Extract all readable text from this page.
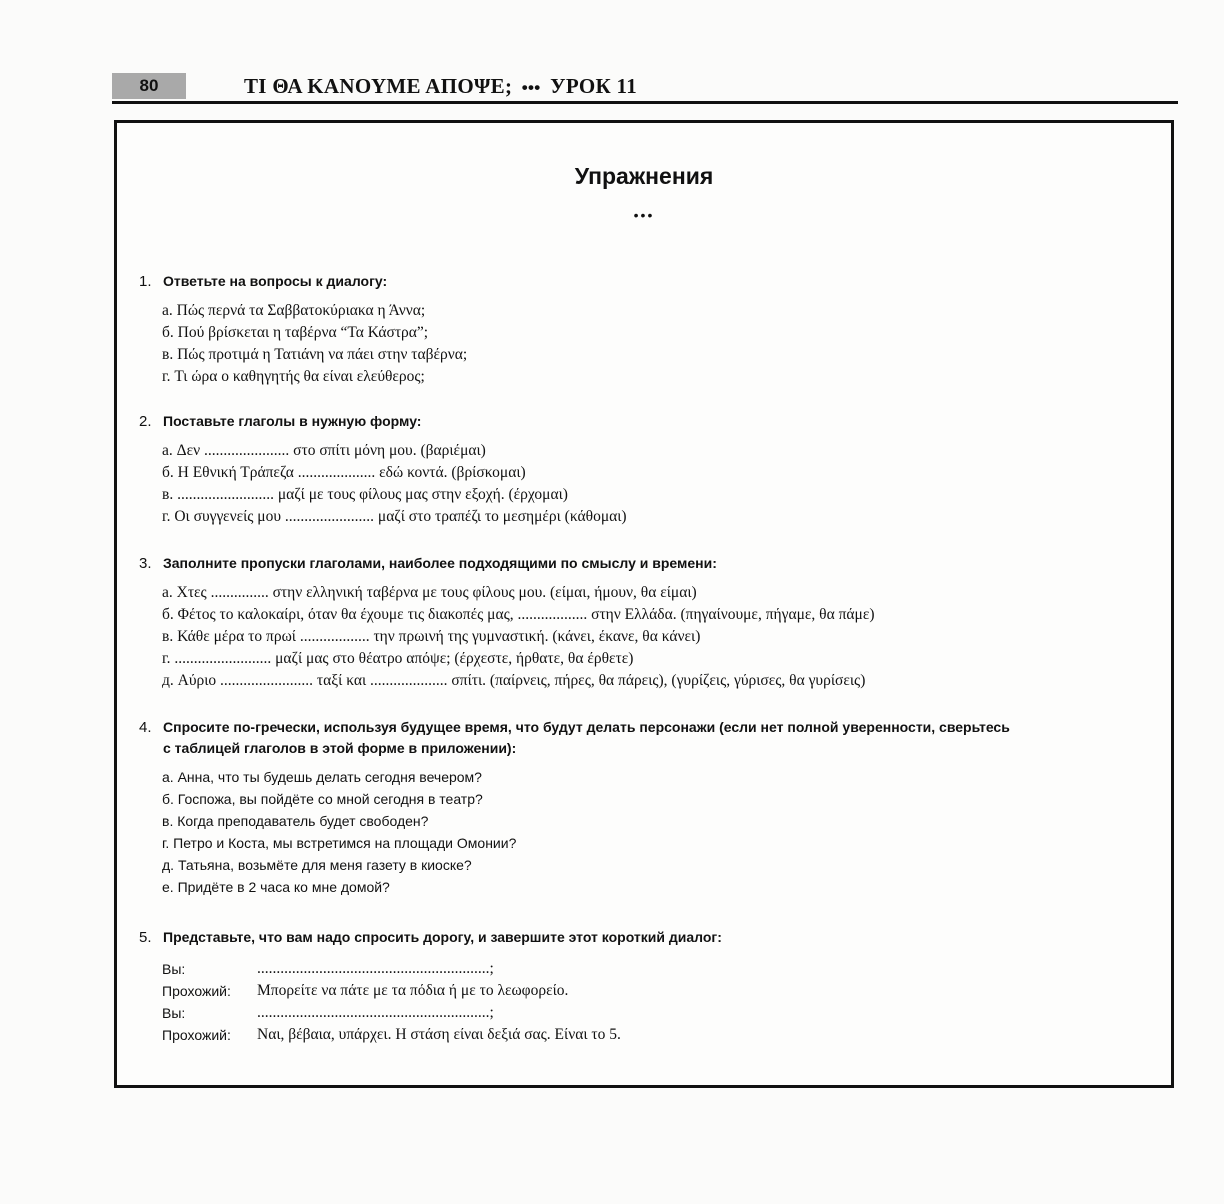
80	ΤΙ ΘΑ ΚΑΝΟΥΜΕ ΑΠΟΨΕ; ••• УРОК 11
Упражнения
•••
1. Ответьте на вопросы к диалогу:
а. Πώς περνά τα Σαββατοκύριακα η Άννα;
б. Πού βρίσκεται η ταβέρνα “Τα Κάστρα”;
в. Πώς προτιμά η Τατιάνη να πάει στην ταβέρνα;
г. Τι ώρα ο καθηγητής θα είναι ελεύθερος;
2. Поставьте глаголы в нужную форму:
а. Δεν ...................... στο σπίτι μόνη μου. (βαριέμαι)
б. Η Εθνική Τράπεζα .................... εδώ κοντά. (βρίσκομαι)
в. ......................... μαζί με τους φίλους μας στην εξοχή. (έρχομαι)
г. Οι συγγενείς μου ....................... μαζί στο τραπέζι το μεσημέρι (κάθομαι)
3. Заполните пропуски глаголами, наиболее подходящими по смыслу и времени:
а. Χτες ............... στην ελληνική ταβέρνα με τους φίλους μου. (είμαι, ήμουν, θα είμαι)
б. Φέτος το καλοκαίρι, όταν θα έχουμε τις διακοπές μας, .................. στην Ελλάδα. (πηγαίνουμε, πήγαμε, θα πάμε)
в. Κάθε μέρα το πρωί .................. την πρωινή της γυμναστική. (κάνει, έκανε, θα κάνει)
г. ......................... μαζί μας στο θέατρο απόψε; (έρχεστε, ήρθατε, θα έρθετε)
д. Αύριο ........................ ταξί και .................... σπίτι. (παίρνεις, πήρες, θα πάρεις), (γυρίζεις, γύρισες, θα γυρίσεις)
4. Спросите по-гречески, используя будущее время, что будут делать персонажи (если нет полной уверенности, сверьтесь
с таблицей глаголов в этой форме в приложении):
а. Анна, что ты будешь делать сегодня вечером?
б. Госпожа, вы пойдёте со мной сегодня в театр?
в. Когда преподаватель будет свободен?
г. Петро и Коста, мы встретимся на площади Омонии?
д. Татьяна, возьмёте для меня газету в киоске?
е. Придёте в 2 часа ко мне домой?
5. Представьте, что вам надо спросить дорогу, и завершите этот короткий диалог:
Вы:	............................................................;
Прохожий:	Μπορείτε να πάτε με τα πόδια ή με το λεωφορείο.
Вы:	............................................................;
Прохожий:	Ναι, βέβαια, υπάρχει. Η στάση είναι δεξιά σας. Είναι το 5.
